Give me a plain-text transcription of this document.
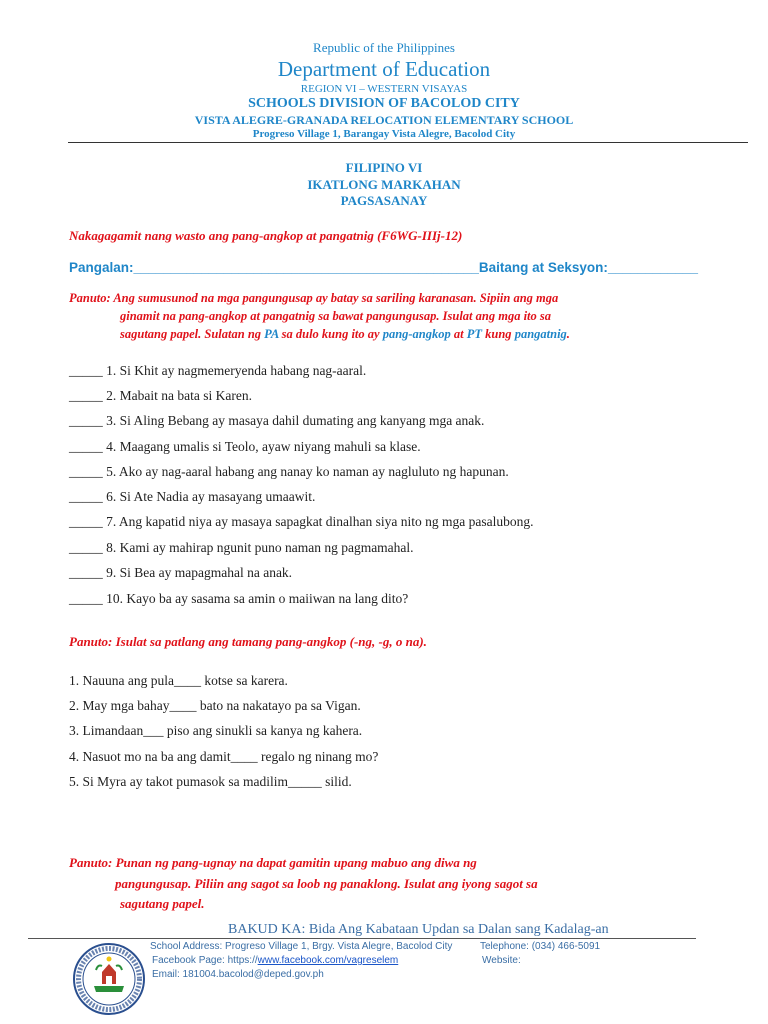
Republic of the Philippines
Department of Education
REGION VI – WESTERN VISAYAS
SCHOOLS DIVISION OF BACOLOD CITY
VISTA ALEGRE-GRANADA RELOCATION ELEMENTARY SCHOOL
Progreso Village 1, Barangay Vista Alegre, Bacolod City
FILIPINO VI
IKATLONG MARKAHAN
PAGSASANAY
Nakagagamit nang wasto ang pang-angkop at pangatnig (F6WG-IIIj-12)
Pangalan:______________________________________________Baitang at Seksyon:____________
Panuto: Ang sumusunod na mga pangungusap ay batay sa sariling karanasan. Sipiin ang mga
ginamit na pang-angkop at pangatnig sa bawat pangungusap. Isulat ang mga ito sa
sagutang papel. Sulatan ng PA sa dulo kung ito ay pang-angkop at PT kung pangatnig.
_____ 1. Si Khit ay nagmemeryenda habang nag-aaral.
_____ 2. Mabait na bata si Karen.
_____ 3. Si Aling Bebang ay masaya dahil dumating ang kanyang mga anak.
_____ 4. Maagang umalis si Teolo, ayaw niyang mahuli sa klase.
_____ 5. Ako ay nag-aaral habang ang nanay ko naman ay nagluluto ng hapunan.
_____ 6. Si Ate Nadia ay masayang umaawit.
_____ 7. Ang kapatid niya ay masaya sapagkat dinalhan siya nito ng mga pasalubong.
_____ 8. Kami ay mahirap ngunit puno naman ng pagmamahal.
_____ 9. Si Bea ay mapagmahal na anak.
_____ 10. Kayo ba ay sasama sa amin o maiiwan na lang dito?
Panuto: Isulat sa patlang ang tamang pang-angkop (-ng, -g, o na).
1. Nauuna ang pula____ kotse sa karera.
2. May mga bahay____ bato na nakatayo pa sa Vigan.
3. Limandaan___ piso ang sinukli sa kanya ng kahera.
4. Nasuot mo na ba ang damit____ regalo ng ninang mo?
5. Si Myra ay takot pumasok sa madilim_____ silid.
Panuto: Punan ng pang-ugnay na dapat gamitin upang mabuo ang diwa ng
pangungusap. Piliin ang sagot sa loob ng panaklong. Isulat ang iyong sagot sa
sagutang papel.
BAKUD KA: Bida Ang Kabataan Updan sa Dalan sang Kadalag-an
School Address: Progreso Village 1, Brgy. Vista Alegre, Bacolod City	Telephone: (034) 466-5091
Facebook Page: https://www.facebook.com/vagreselem	Website:
Email: 181004.bacolod@deped.gov.ph
